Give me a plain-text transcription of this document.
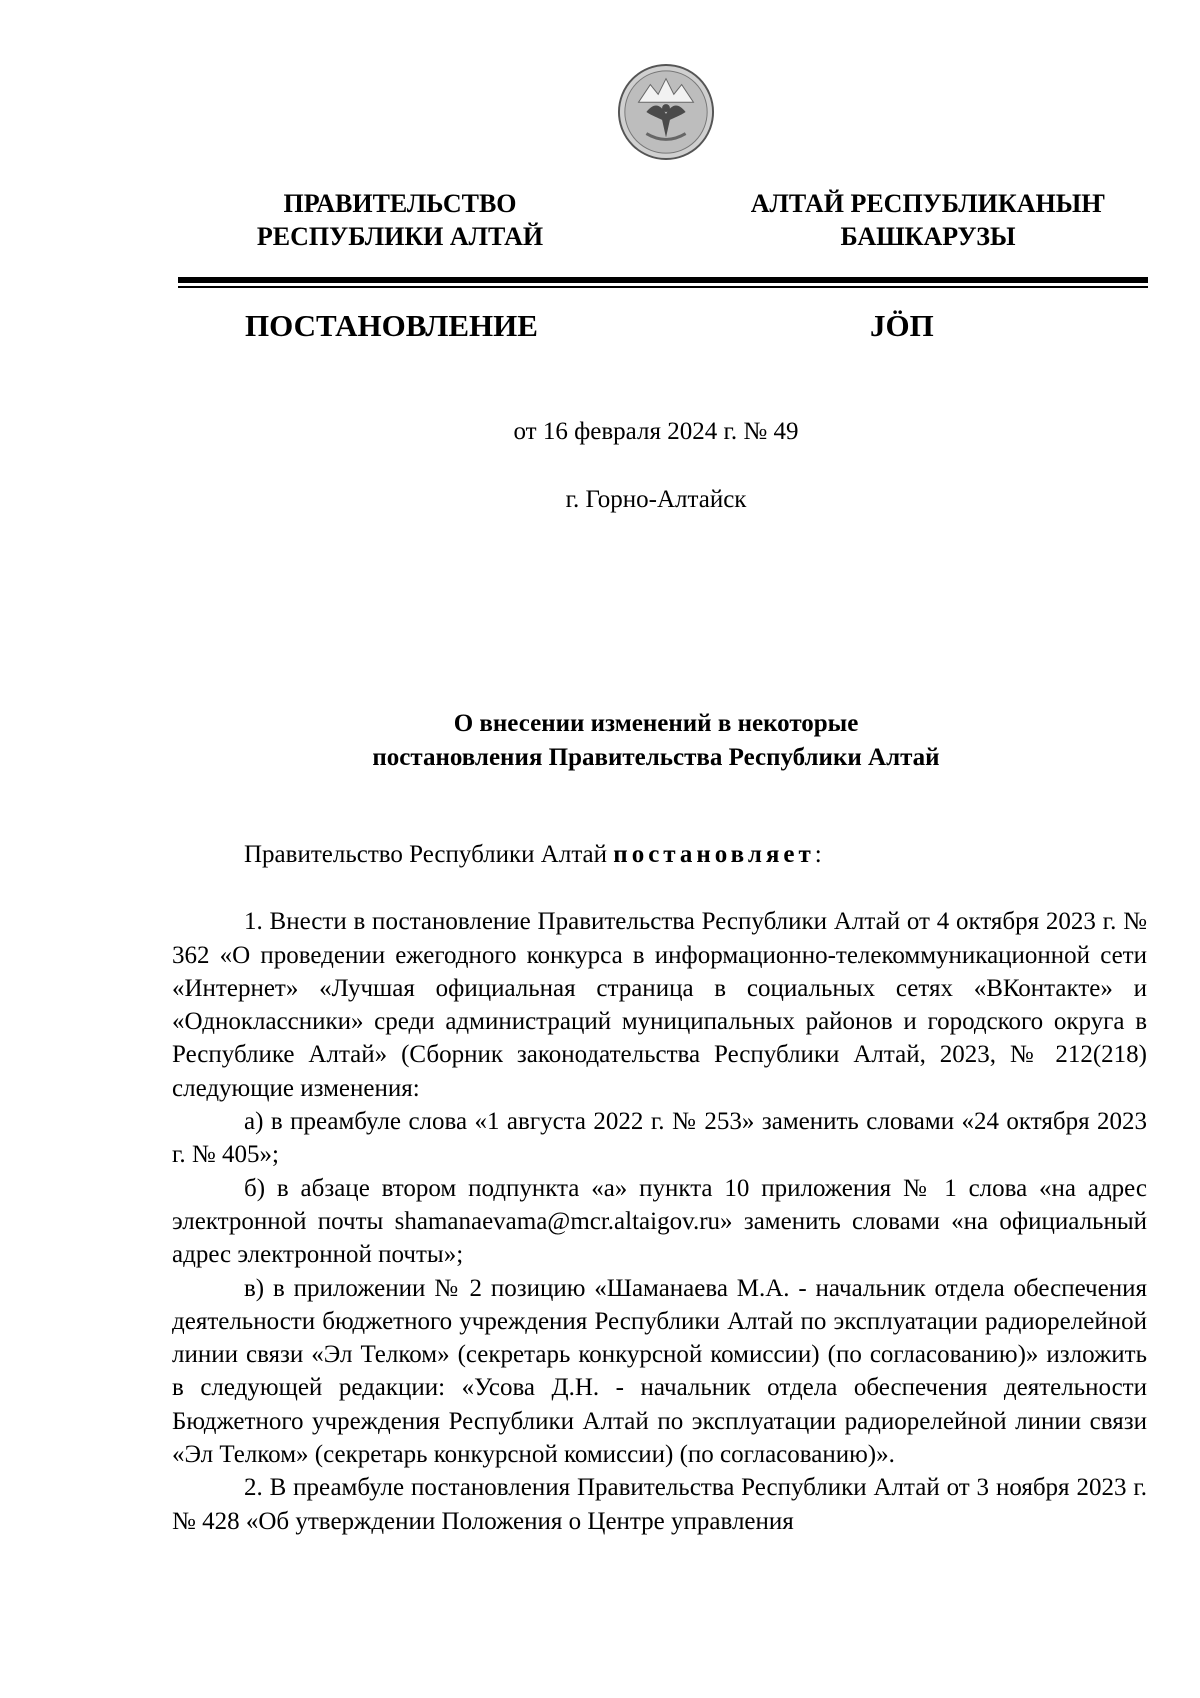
ПРАВИТЕЛЬСТВО
РЕСПУБЛИКИ АЛТАЙ
АЛТАЙ РЕСПУБЛИКАНЫҤ
БАШКАРУЗЫ
ПОСТАНОВЛЕНИЕ	JÖП
от 16 февраля 2024 г. № 49
г. Горно-Алтайск
О внесении изменений в некоторые
постановления Правительства Республики Алтай

Правительство Республики Алтай постановляет:

1. Внести в постановление Правительства Республики Алтай от 4 октября 2023 г. № 362 «О проведении ежегодного конкурса в информационно-телекоммуникационной сети «Интернет» «Лучшая официальная страница в социальных сетях «ВКонтакте» и «Одноклассники» среди администраций муниципальных районов и городского округа в Республике Алтай» (Сборник законодательства Республики Алтай, 2023, № 212(218) следующие изменения:

а) в преамбуле слова «1 августа 2022 г. № 253» заменить словами «24 октября 2023 г. № 405»;

б) в абзаце втором подпункта «а» пункта 10 приложения № 1 слова «на адрес электронной почты shamanaevama@mcr.altaigov.ru» заменить словами «на официальный адрес электронной почты»;

в) в приложении № 2 позицию «Шаманаева М.А. - начальник отдела обеспечения деятельности бюджетного учреждения Республики Алтай по эксплуатации радиорелейной линии связи «Эл Телком» (секретарь конкурсной комиссии) (по согласованию)» изложить в следующей редакции: «Усова Д.Н. - начальник отдела обеспечения деятельности Бюджетного учреждения Республики Алтай по эксплуатации радиорелейной линии связи «Эл Телком» (секретарь конкурсной комиссии) (по согласованию)».

2. В преамбуле постановления Правительства Республики Алтай от 3 ноября 2023 г. № 428 «Об утверждении Положения о Центре управления
